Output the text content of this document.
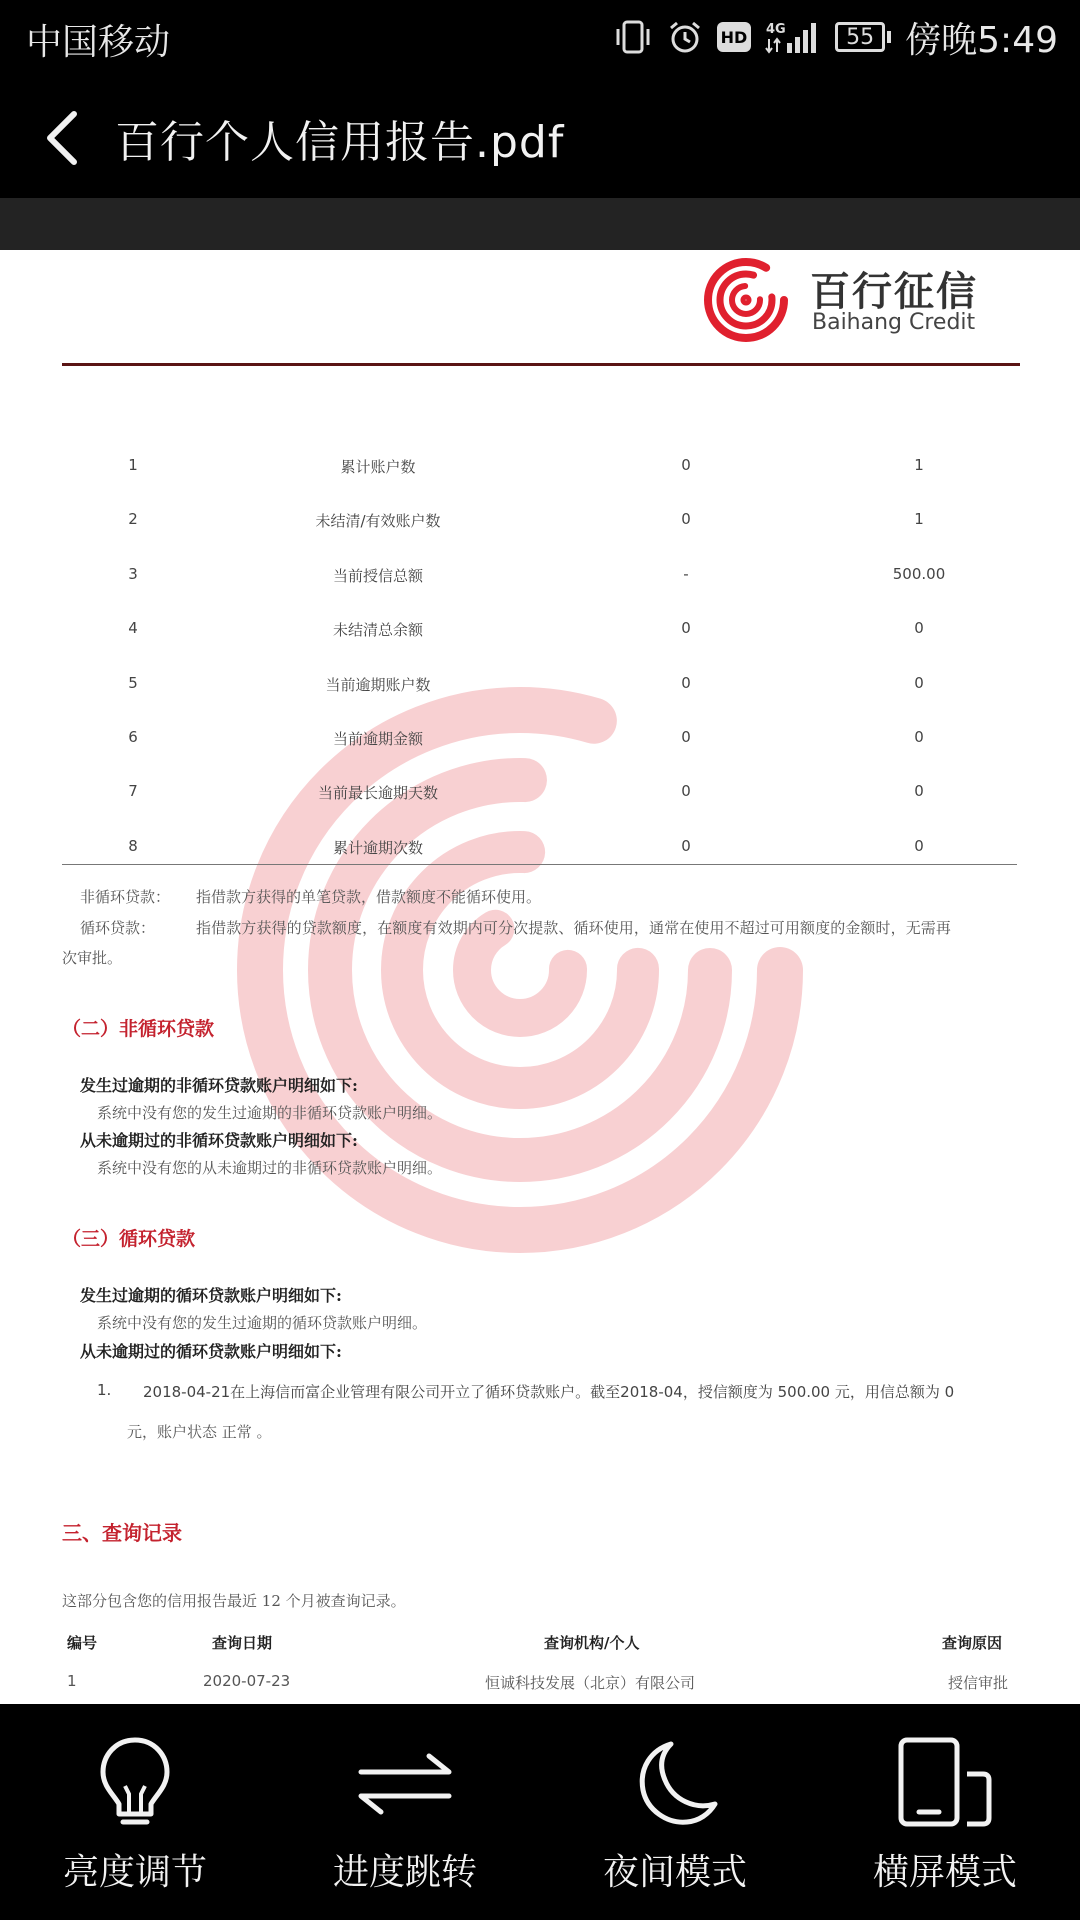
中国移动	HD 4G	55 傍晚5:49
百行个人信用报告.pdf
百行征信
Baihang Credit
1	累计账户数	0	1
2	未结清/有效账户数	0	1
3	当前授信总额	-	500.00
4	未结清总余额	0	0
5	当前逾期账户数	0	0
6	当前逾期金额	0	0
7	当前最长逾期天数	0	0
8	累计逾期次数	0	0
非循环贷款： 指借款方获得的单笔贷款，借款额度不能循环使用。
循环贷款：	指借款方获得的贷款额度，在额度有效期内可分次提款、循环使用，通常在使用不超过可用额度的金额时，无需再
次审批。
（二）非循环贷款
发生过逾期的非循环贷款账户明细如下:
系统中没有您的发生过逾期的非循环贷款账户明细。
从未逾期过的非循环贷款账户明细如下:
系统中没有您的从未逾期过的非循环贷款账户明细。
（三）循环贷款
发生过逾期的循环贷款账户明细如下:
系统中没有您的发生过逾期的循环贷款账户明细。
从未逾期过的循环贷款账户明细如下:
1. 2018-04-21在上海信而富企业管理有限公司开立了循环贷款账户。截至2018-04，授信额度为 500.00 元，用信总额为 0
元，账户状态 正常 。
三、查询记录
这部分包含您的信用报告最近 12 个月被查询记录。
编号	查询日期	查询机构/个人	查询原因
1	2020-07-23	恒诚科技发展（北京）有限公司	授信审批
亮度调节	进度跳转	夜间模式	横屏模式
